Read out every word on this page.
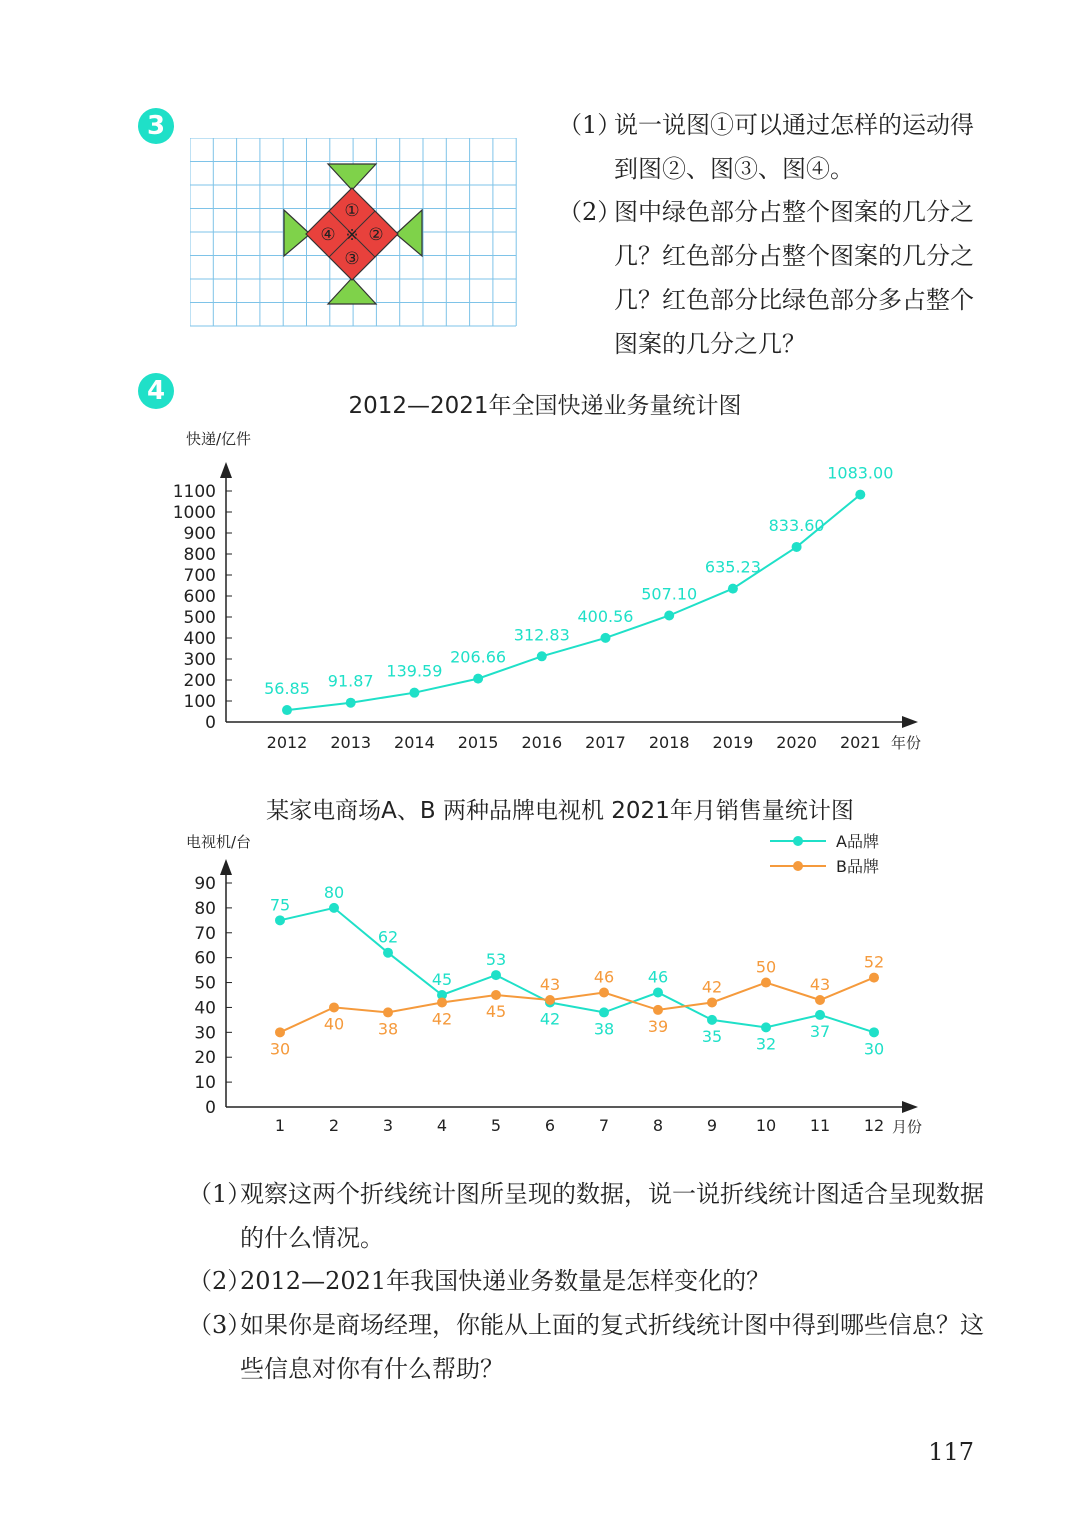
3
①
②
③
④ ※
（1）
说一说图①可以通过怎样的运动得到图②、图③、图④。
（2）
图中绿色部分占整个图案的几分之几？红色部分占整个图案的几分之几？红色部分比绿色部分多占整个图案的几分之几？
4	2012—2021年全国快递业务量统计图
快递/亿件
0
100
200
300
400
500
600
700
800
900
1000
1100
2012 2013 2014 2015 2016 2017 2018 2019 2020 2021
56.85 91.87
139.59
206.66
312.83
400.56
507.10
635.23
833.60
1083.00
年份
某家电商场A、B 两种品牌电视机 2021年月销售量统计图
电视机/台
0
10
20
30
40
50
60
70
80
90
1	2	3	4	5	6	7	8	9 10 11 12
A品牌
B品牌
75
30
80
40
62
38
45
42
53
45 42
43
38
46 46
39
35
42
32
50
37
43
30
52
月份
（1）
观察这两个折线统计图所呈现的数据，说一说折线统计图适合呈现数据的什么情况。
（2）
2012—2021年我国快递业务数量是怎样变化的？
（3）
如果你是商场经理，你能从上面的复式折线统计图中得到哪些信息？这些信息对你有什么帮助？
117
